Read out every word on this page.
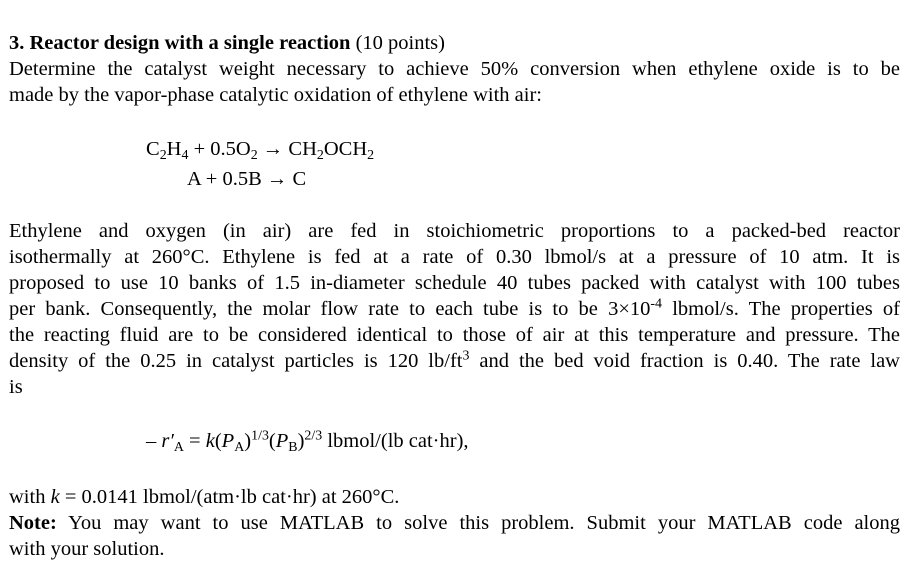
3. Reactor design with a single reaction (10 points)
Determine the catalyst weight necessary to achieve 50% conversion when ethylene oxide is to be
made by the vapor-phase catalytic oxidation of ethylene with air:
$C_2H_4 + 0.5O_2 \to CH_2OCH_2$
A + 0.5B → C
Ethylene and oxygen (in air) are fed in stoichiometric proportions to a packed-bed reactor
isothermally at 260°C. Ethylene is fed at a rate of 0.30 lbmol/s at a pressure of 10 atm. It is
proposed to use 10 banks of 1.5 in-diameter schedule 40 tubes packed with catalyst with 100 tubes
per bank. Consequently, the molar flow rate to each tube is to be $3\times 10^{-4}$ lbmol/s. The properties of
the reacting fluid are to be considered identical to those of air at this temperature and pressure. The
density of the 0.25 in catalyst particles is 120 $lb/ft^3$ and the bed void fraction is 0.40. The rate law
is
– $r'_A = k(P_A)^{1/3}(P_B)^{2/3}$ lbmol/(lb cat·hr),
with k = 0.0141 lbmol/(atm·lb cat·hr) at 260°C.
Note: You may want to use MATLAB to solve this problem. Submit your MATLAB code along
with your solution.
